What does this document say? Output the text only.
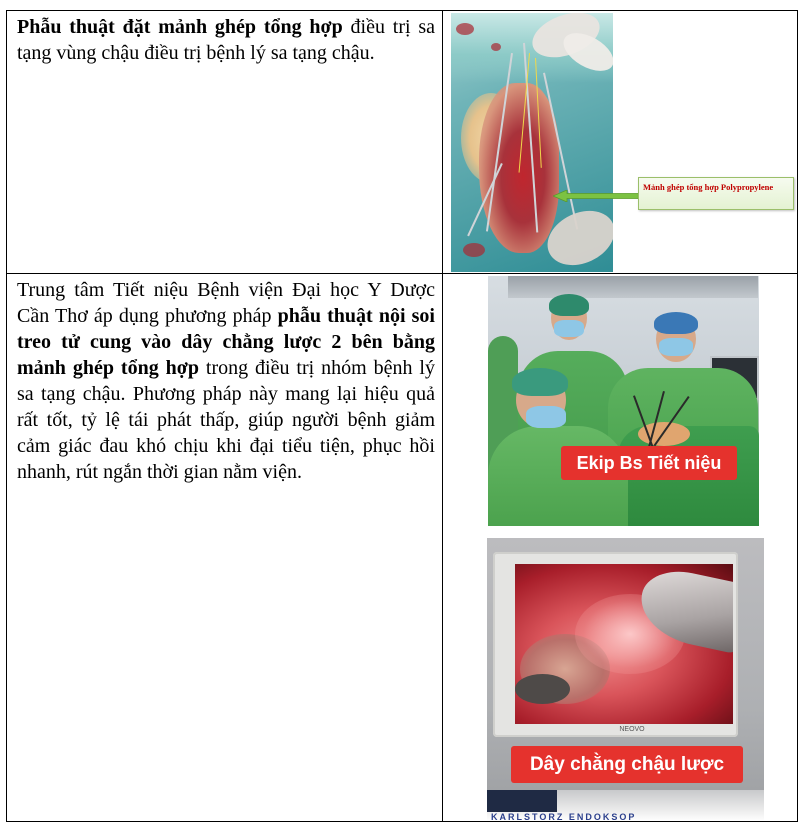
Phẫu thuật đặt mảnh ghép tổng hợp điều trị sa tạng vùng chậu điều trị bệnh lý sa tạng chậu.
Mảnh ghép tổng hợp Polypropylene
Trung tâm Tiết niệu Bệnh viện Đại học Y Dược Cần Thơ áp dụng phương pháp phẫu thuật nội soi treo tử cung vào dây chằng lược 2 bên bằng mảnh ghép tổng hợp trong điều trị nhóm bệnh lý sa tạng chậu. Phương pháp này mang lại hiệu quả rất tốt, tỷ lệ tái phát thấp, giúp người bệnh giảm cảm giác đau khó chịu khi đại tiểu tiện, phục hồi nhanh, rút ngắn thời gian nằm viện.	Ekip Bs Tiết niệu
NEOVO
Dây chằng chậu lược
KARLSTORZ ENDOKSOP
